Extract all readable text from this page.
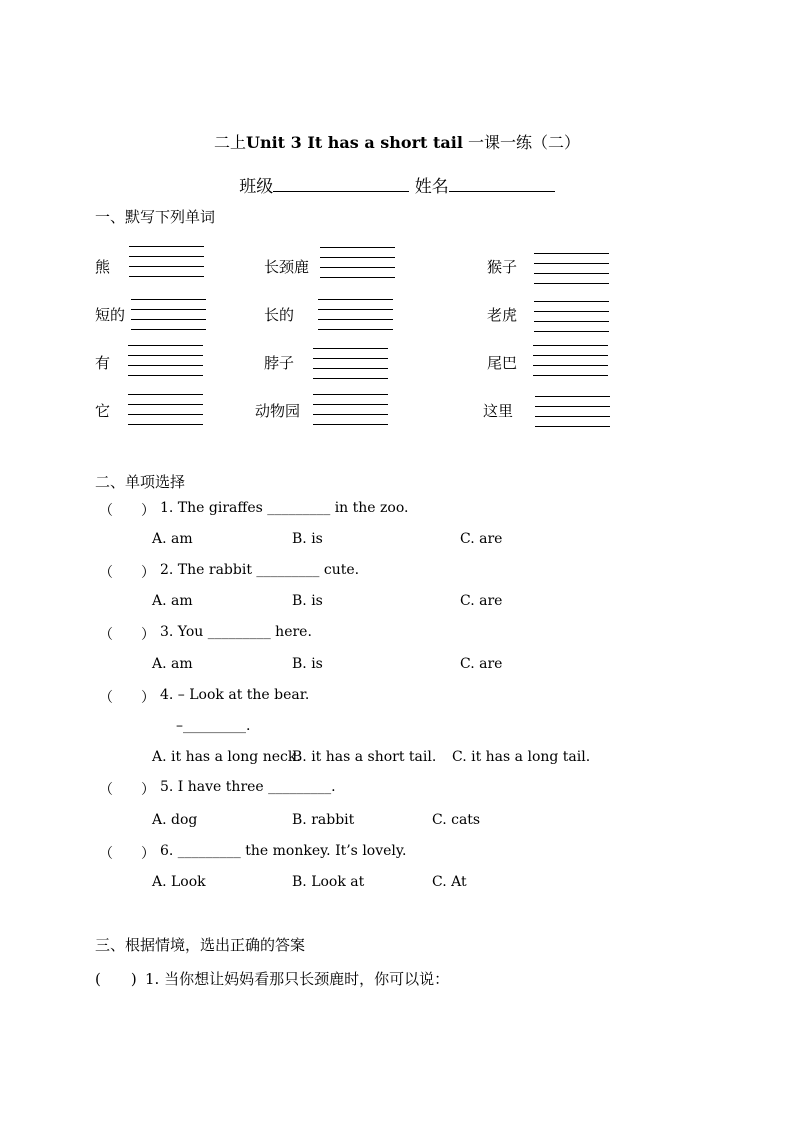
二上Unit 3 It has a short tail 一课一练（二）
班级	姓名
一、默写下列单词
熊	长颈鹿	猴子
短的	长的	老虎
有	脖子	尾巴
它	动物园	这里
二、单项选择
（　　） 1. The giraffes _________ in the zoo.
A. am	B. is	C. are
（　　） 2. The rabbit _________ cute.
A. am	B. is	C. are
（　　） 3. You _________ here.
A. am	B. is	C. are
（　　） 4. – Look at the bear.
–_________.
A. it has a long neck.
B. it has a short tail. C. it has a long tail.
（　　） 5. I have three _________.
A. dog	B. rabbit	C. cats
（　　） 6. _________ the monkey. It’s lovely.
A. Look	B. Look at	C. At
三、根据情境，选出正确的答案
(　　) 1. 当你想让妈妈看那只长颈鹿时，你可以说：
